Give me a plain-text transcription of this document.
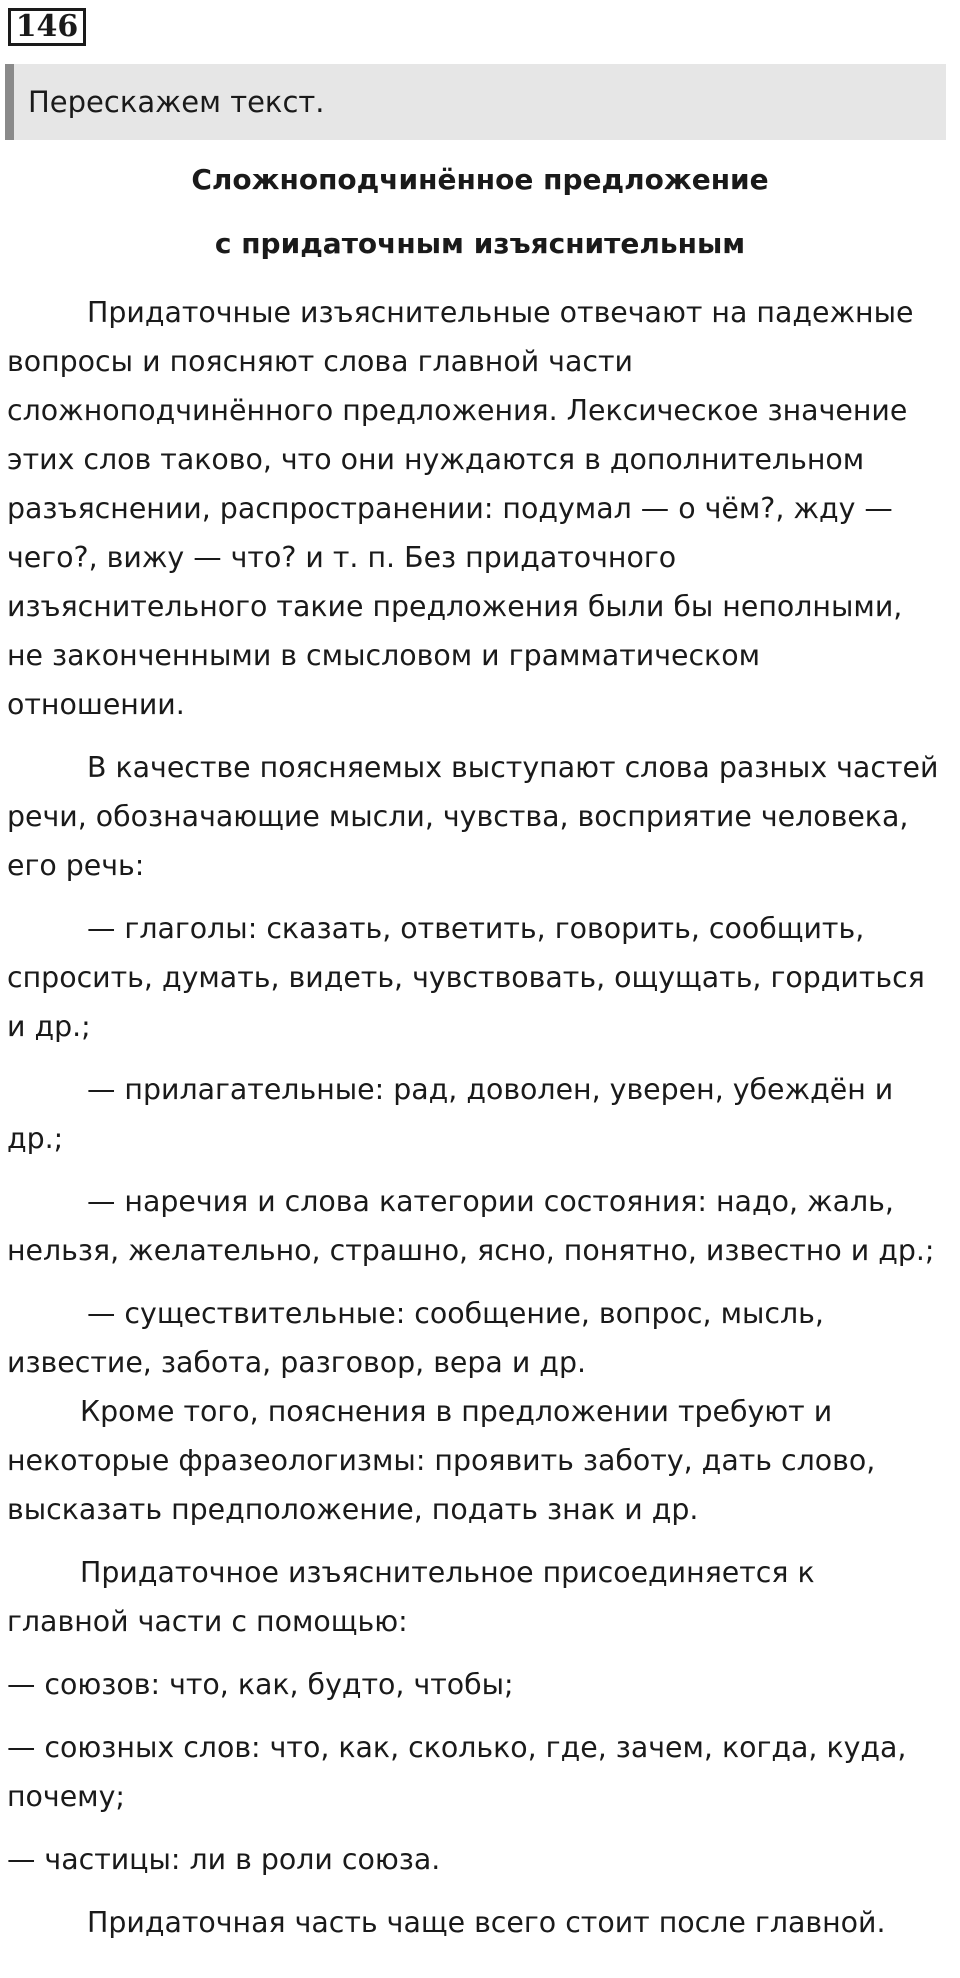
146
Перескажем текст.
Сложноподчинённое предложение
с придаточным изъяснительным

Придаточные изъяснительные отвечают на падежные
вопросы и поясняют слова главной части
сложноподчинённого предложения. Лексическое значение
этих слов таково, что они нуждаются в дополнительном
разъяснении, распространении: подумал — о чём?, жду —
чего?, вижу — что? и т. п. Без придаточного
изъяснительного такие предложения были бы неполными,
не законченными в смысловом и грамматическом
отношении.

В качестве поясняемых выступают слова разных частей
речи, обозначающие мысли, чувства, восприятие человека,
его речь:

— глаголы: сказать, ответить, говорить, сообщить,
спросить, думать, видеть, чувствовать, ощущать, гордиться
и др.;

— прилагательные: рад, доволен, уверен, убеждён и
др.;

— наречия и слова категории состояния: надо, жаль,
нельзя, желательно, страшно, ясно, понятно, известно и др.;

— существительные: сообщение, вопрос, мысль,
известие, забота, разговор, вера и др.

Кроме того, пояснения в предложении требуют и
некоторые фразеологизмы: проявить заботу, дать слово,
высказать предположение, подать знак и др.

Придаточное изъяснительное присоединяется к
главной части с помощью:

— союзов: что, как, будто, чтобы;

— союзных слов: что, как, сколько, где, зачем, когда, куда,
почему;

— частицы: ли в роли союза.

Придаточная часть чаще всего стоит после главной.
